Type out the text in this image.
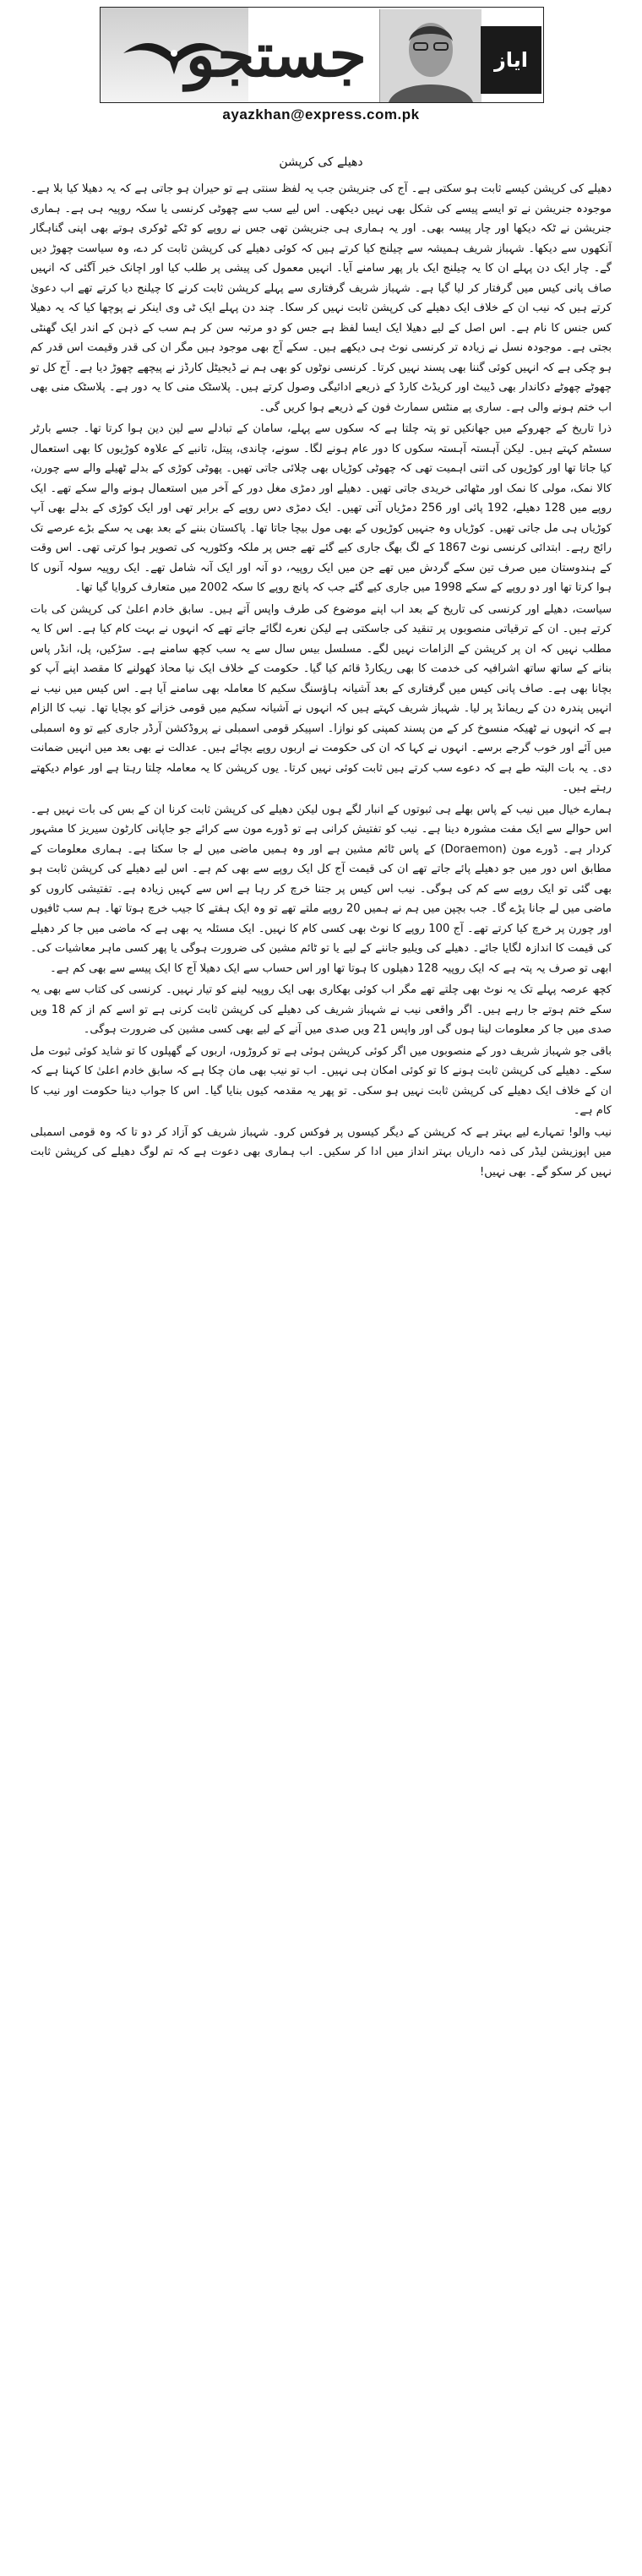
جستجو	ایاز خان
ayazkhan@express.com.pk
دھیلے کی کرپشن

دھیلے کی کرپشن کیسے ثابت ہو سکتی ہے۔ آج کی جنریشن جب یہ لفظ سنتی ہے تو حیران ہو جاتی ہے کہ یہ دھیلا کیا بلا ہے۔ موجودہ جنریشن نے تو ایسے پیسے کی شکل بھی نہیں دیکھی۔ اس لیے سب سے چھوٹی کرنسی یا سکہ روپیہ ہی ہے۔ ہماری جنریشن نے ٹکہ دیکھا اور چار پیسہ بھی۔ اور یہ ہماری ہی جنریشن تھی جس نے روپے کو ٹکے ٹوکری ہوتے بھی اپنی گناہگار آنکھوں سے دیکھا۔ شہباز شریف ہمیشہ سے چیلنج کیا کرتے ہیں کہ کوئی دھیلے کی کرپشن ثابت کر دے، وہ سیاست چھوڑ دیں گے۔ چار ایک دن پہلے ان کا یہ چیلنج ایک بار پھر سامنے آیا۔ انہیں معمول کی پیشی پر طلب کیا اور اچانک خبر آگئی کہ انہیں صاف پانی کیس میں گرفتار کر لیا گیا ہے۔ شہباز شریف گرفتاری سے پہلے کرپشن ثابت کرنے کا چیلنج دیا کرتے تھے اب دعویٰ کرتے ہیں کہ نیب ان کے خلاف ایک دھیلے کی کرپشن ثابت نہیں کر سکا۔ چند دن پہلے ایک ٹی وی اینکر نے پوچھا کیا کہ یہ دھیلا کس جنس کا نام ہے۔ اس اصل کے لیے دھیلا ایک ایسا لفظ ہے جس کو دو مرتبہ سن کر ہم سب کے ذہن کے اندر ایک گھنٹی بجتی ہے۔ موجودہ نسل نے زیادہ تر کرنسی نوٹ ہی دیکھے ہیں۔ سکے آج بھی موجود ہیں مگر ان کی قدر وقیمت اس قدر کم ہو چکی ہے کہ انہیں کوئی گننا بھی پسند نہیں کرتا۔ کرنسی نوٹوں کو بھی ہم نے ڈیجیٹل کارڈز نے پیچھے چھوڑ دیا ہے۔ آج کل تو چھوٹے چھوٹے دکاندار بھی ڈیبٹ اور کریڈٹ کارڈ کے ذریعے ادائیگی وصول کرتے ہیں۔ پلاسٹک منی کا یہ دور ہے۔ پلاسٹک منی بھی اب ختم ہونے والی ہے۔ ساری پے منٹس سمارٹ فون کے ذریعے ہوا کریں گی۔

ذرا تاریخ کے جھروکے میں جھانکیں تو پتہ چلتا ہے کہ سکوں سے پہلے، سامان کے تبادلے سے لین دین ہوا کرتا تھا۔ جسے بارٹر سسٹم کہتے ہیں۔ لیکن آہستہ آہستہ سکوں کا دور عام ہونے لگا۔ سونے، چاندی، پیتل، تانبے کے علاوہ کوڑیوں کا بھی استعمال کیا جاتا تھا اور کوڑیوں کی اتنی اہمیت تھی کہ چھوٹی کوڑیاں بھی چلائی جاتی تھیں۔ پھوٹی کوڑی کے بدلے ٹھیلے والے سے چورن، کالا نمک، مولی کا نمک اور مٹھائی خریدی جاتی تھیں۔ دھیلے اور دمڑی مغل دور کے آخر میں استعمال ہونے والے سکے تھے۔ ایک روپے میں 128 دھیلے، 192 پائی اور 256 دمڑیاں آتی تھیں۔ ایک دمڑی دس روپے کے برابر تھی اور ایک کوڑی کے بدلے بھی آپ کوڑیاں ہی مل جاتی تھیں۔ کوڑیاں وہ جنہیں کوڑیوں کے بھی مول بیچا جاتا تھا۔ پاکستان بننے کے بعد بھی یہ سکے بڑے عرصے تک رائج رہے۔ ابتدائی کرنسی نوٹ 1867 کے لگ بھگ جاری کیے گئے تھے جس پر ملکہ وکٹوریہ کی تصویر ہوا کرتی تھی۔ اس وقت کے ہندوستان میں صرف تین سکے گردش میں تھے جن میں ایک روپیہ، دو آنہ اور ایک آنہ شامل تھے۔ ایک روپیہ سولہ آنوں کا ہوا کرتا تھا اور دو روپے کے سکے 1998 میں جاری کیے گئے جب کہ پانچ روپے کا سکہ 2002 میں متعارف کروایا گیا تھا۔

سیاست، دھیلے اور کرنسی کی تاریخ کے بعد اب اپنے موضوع کی طرف واپس آتے ہیں۔ سابق خادم اعلیٰ کی کرپشن کی بات کرتے ہیں۔ ان کے ترقیاتی منصوبوں پر تنقید کی جاسکتی ہے لیکن نعرے لگائے جاتے تھے کہ انہوں نے بہت کام کیا ہے۔ اس کا یہ مطلب نہیں کہ ان پر کرپشن کے الزامات نہیں لگے۔ مسلسل بیس سال سے یہ سب کچھ سامنے ہے۔ سڑکیں، پل، انڈر پاس بنانے کے ساتھ ساتھ اشرافیہ کی خدمت کا بھی ریکارڈ قائم کیا گیا۔ حکومت کے خلاف ایک نیا محاذ کھولنے کا مقصد اپنے آپ کو بچانا بھی ہے۔ صاف پانی کیس میں گرفتاری کے بعد آشیانہ ہاؤسنگ سکیم کا معاملہ بھی سامنے آیا ہے۔ اس کیس میں نیب نے انہیں پندرہ دن کے ریمانڈ پر لیا۔ شہباز شریف کہتے ہیں کہ انہوں نے آشیانہ سکیم میں قومی خزانے کو بچایا تھا۔ نیب کا الزام ہے کہ انہوں نے ٹھیکہ منسوخ کر کے من پسند کمپنی کو نوازا۔ اسپیکر قومی اسمبلی نے پروڈکشن آرڈر جاری کیے تو وہ اسمبلی میں آئے اور خوب گرجے برسے۔ انہوں نے کہا کہ ان کی حکومت نے اربوں روپے بچائے ہیں۔ عدالت نے بھی بعد میں انہیں ضمانت دی۔ یہ بات البتہ طے ہے کہ دعوے سب کرتے ہیں ثابت کوئی نہیں کرتا۔ یوں کرپشن کا یہ معاملہ چلتا رہتا ہے اور عوام دیکھتے رہتے ہیں۔

ہمارے خیال میں نیب کے پاس بھلے ہی ثبوتوں کے انبار لگے ہوں لیکن دھیلے کی کرپشن ثابت کرنا ان کے بس کی بات نہیں ہے۔ اس حوالے سے ایک مفت مشورہ دینا ہے۔ نیب کو تفتیش کرانی ہے تو ڈورے مون سے کرائے جو جاپانی کارٹون سیریز کا مشہور کردار ہے۔ ڈورے مون (Doraemon) کے پاس ٹائم مشین ہے اور وہ ہمیں ماضی میں لے جا سکتا ہے۔ ہماری معلومات کے مطابق اس دور میں جو دھیلے پائے جاتے تھے ان کی قیمت آج کل ایک روپے سے بھی کم ہے۔ اس لیے دھیلے کی کرپشن ثابت ہو بھی گئی تو ایک روپے سے کم کی ہوگی۔ نیب اس کیس پر جتنا خرچ کر رہا ہے اس سے کہیں زیادہ ہے۔ تفتیشی کاروں کو ماضی میں لے جانا پڑے گا۔ جب بچپن میں ہم نے ہمیں 20 روپے ملتے تھے تو وہ ایک ہفتے کا جیب خرچ ہوتا تھا۔ ہم سب ٹافیوں اور چورن پر خرچ کیا کرتے تھے۔ آج 100 روپے کا نوٹ بھی کسی کام کا نہیں۔ ایک مسئلہ یہ بھی ہے کہ ماضی میں جا کر دھیلے کی قیمت کا اندازہ لگایا جائے۔ دھیلے کی ویلیو جاننے کے لیے یا تو ٹائم مشین کی ضرورت ہوگی یا پھر کسی ماہر معاشیات کی۔ ابھی تو صرف یہ پتہ ہے کہ ایک روپیہ 128 دھیلوں کا ہوتا تھا اور اس حساب سے ایک دھیلا آج کا ایک پیسے سے بھی کم ہے۔

کچھ عرصہ پہلے تک یہ نوٹ بھی چلتے تھے مگر اب کوئی بھکاری بھی ایک روپیہ لینے کو تیار نہیں۔ کرنسی کی کتاب سے بھی یہ سکے ختم ہوتے جا رہے ہیں۔ اگر واقعی نیب نے شہباز شریف کی دھیلے کی کرپشن ثابت کرنی ہے تو اسے کم از کم 18 ویں صدی میں جا کر معلومات لینا ہوں گی اور واپس 21 ویں صدی میں آنے کے لیے بھی کسی مشین کی ضرورت ہوگی۔

باقی جو شہباز شریف دور کے منصوبوں میں اگر کوئی کرپشن ہوئی ہے تو کروڑوں، اربوں کے گھپلوں کا تو شاید کوئی ثبوت مل سکے۔ دھیلے کی کرپشن ثابت ہونے کا تو کوئی امکان ہی نہیں۔ اب تو نیب بھی مان چکا ہے کہ سابق خادم اعلیٰ کا کہنا ہے کہ ان کے خلاف ایک دھیلے کی کرپشن ثابت نہیں ہو سکی۔ تو پھر یہ مقدمہ کیوں بنایا گیا۔ اس کا جواب دینا حکومت اور نیب کا کام ہے۔

نیب والو! تمہارے لیے بہتر ہے کہ کرپشن کے دیگر کیسوں پر فوکس کرو۔ شہباز شریف کو آزاد کر دو تا کہ وہ قومی اسمبلی میں اپوزیشن لیڈر کی ذمہ داریاں بہتر انداز میں ادا کر سکیں۔ اب ہماری بھی دعوت ہے کہ تم لوگ دھیلے کی کرپشن ثابت نہیں کر سکو گے۔ بھی نہیں!
